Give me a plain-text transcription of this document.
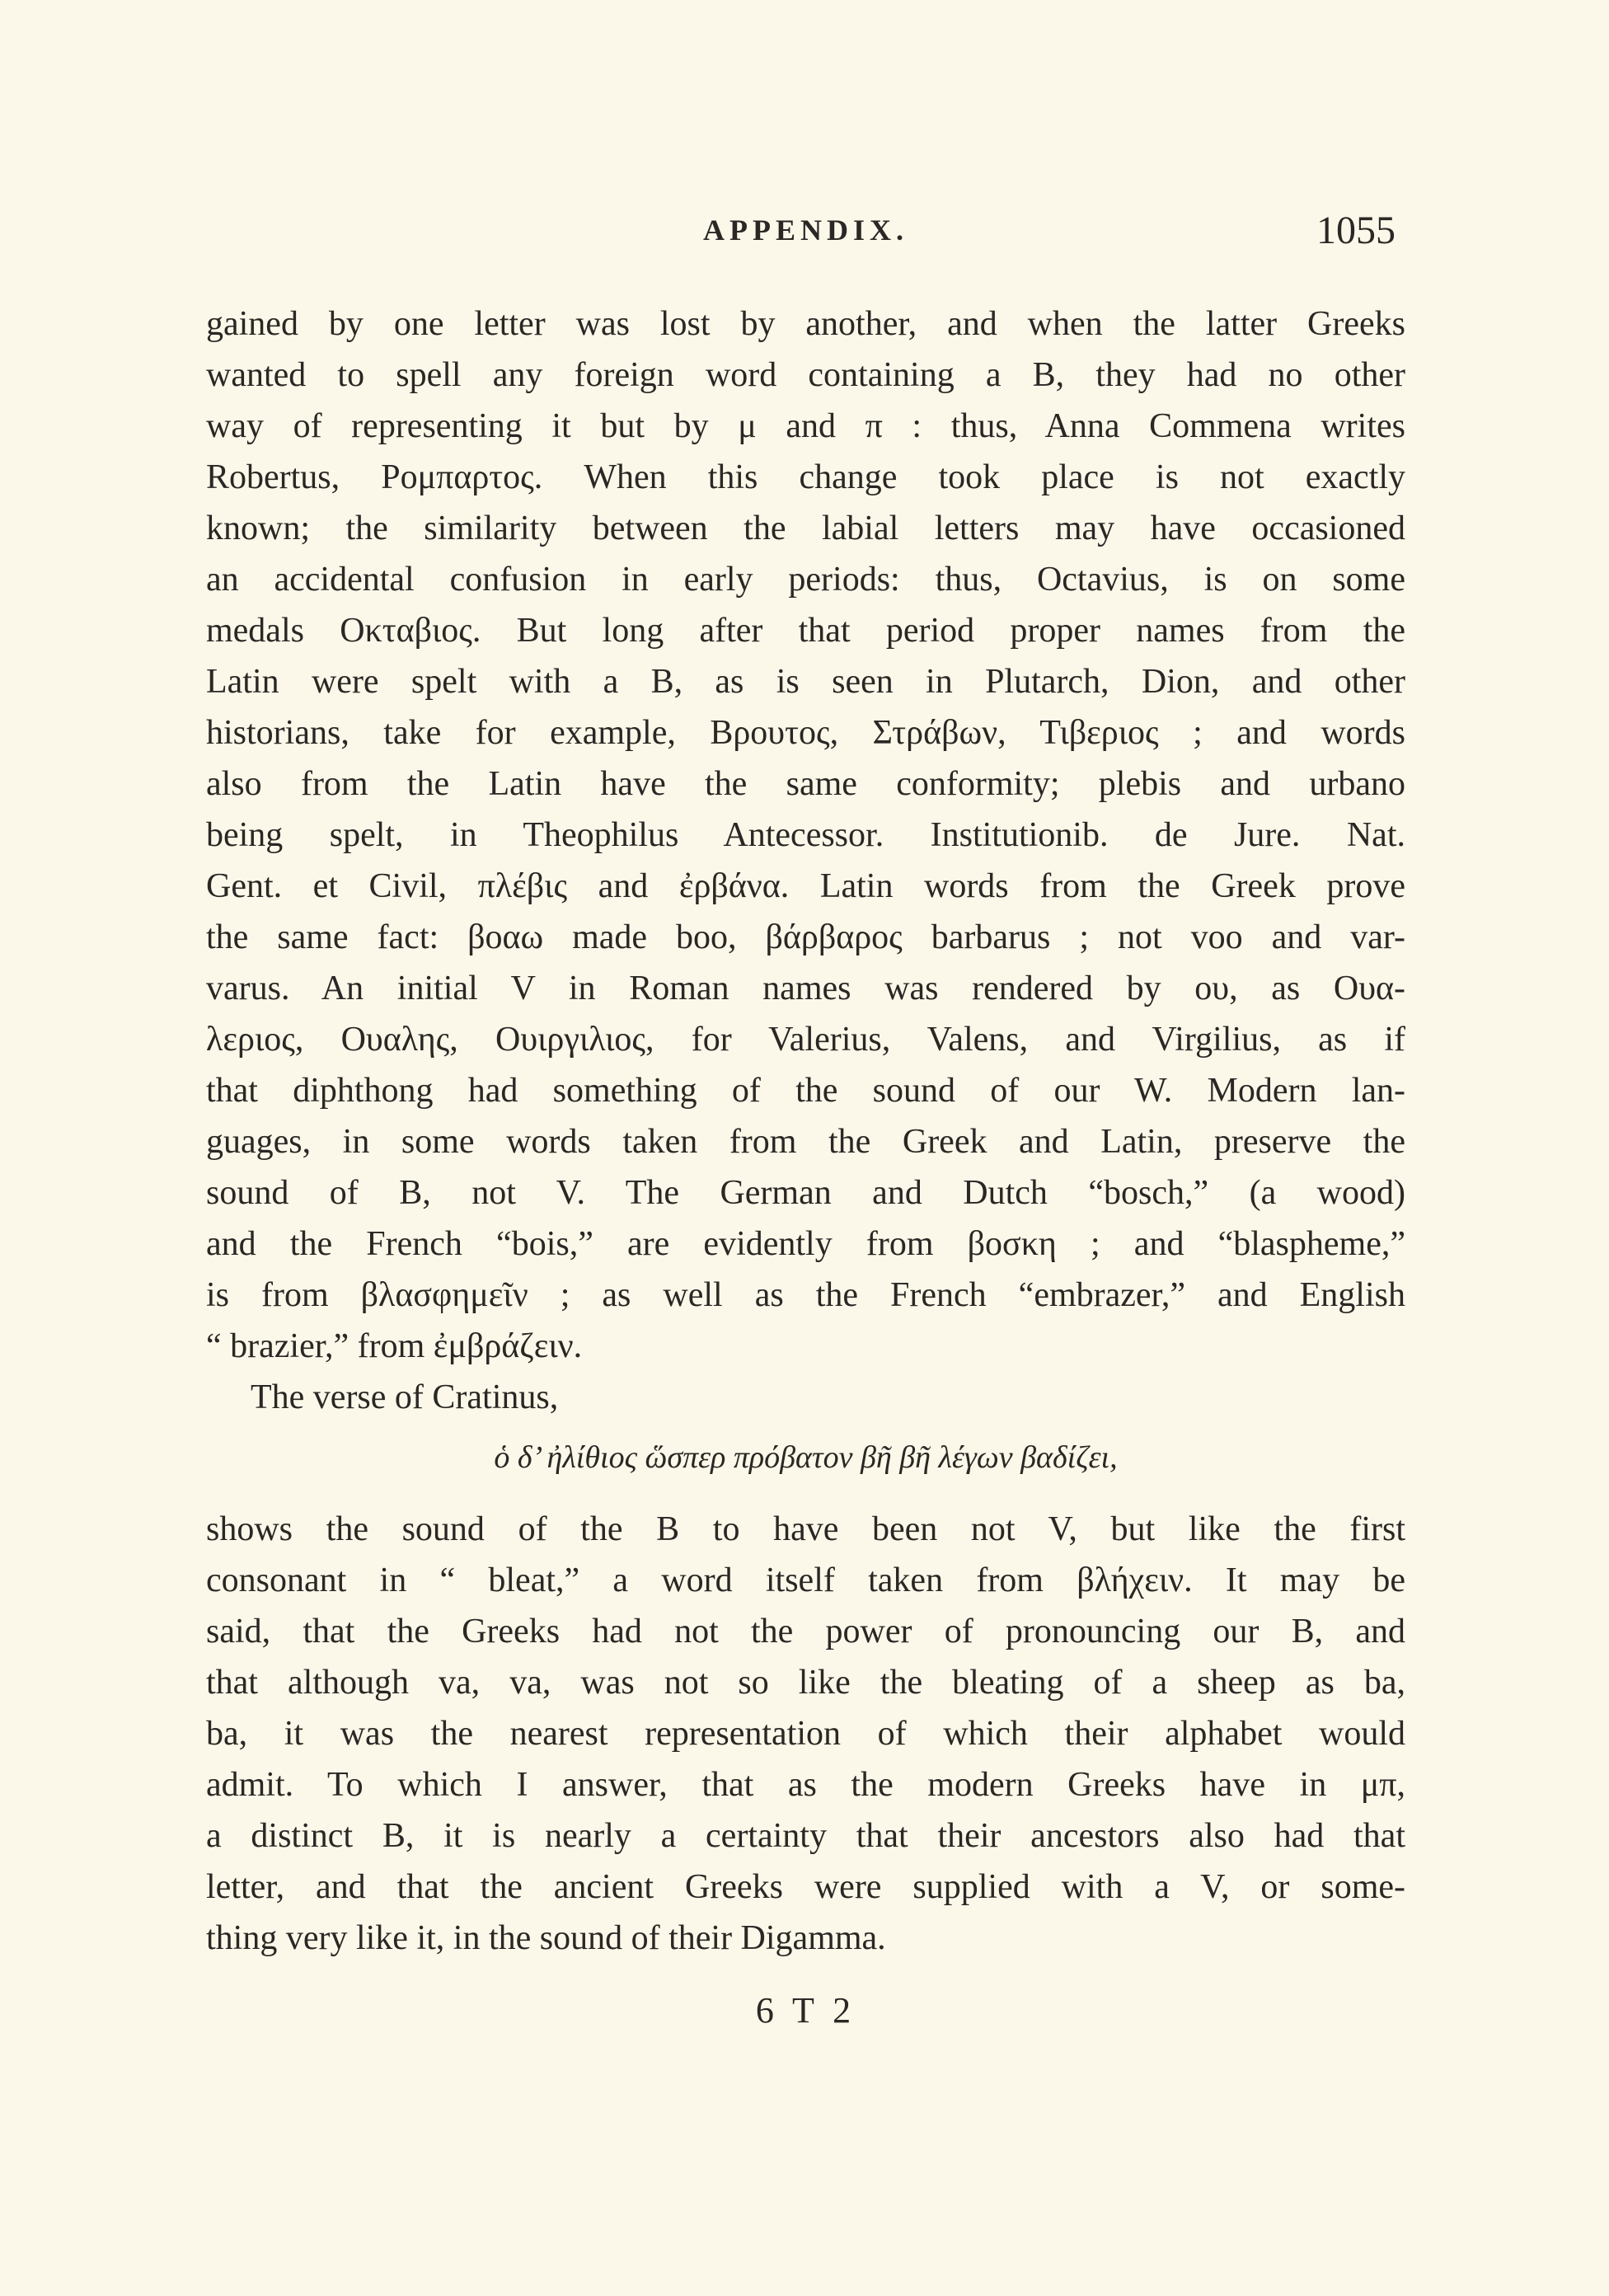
APPENDIX.	1055
gained by one letter was lost by another, and when the latter Greeks
wanted to spell any foreign word containing a B, they had no other
way of representing it but by μ and π : thus, Anna Commena writes
Robertus, Ρομπαρτος. When this change took place is not exactly
known; the similarity between the labial letters may have occasioned
an accidental confusion in early periods: thus, Octavius, is on some
medals Οκταβιος. But long after that period proper names from the
Latin were spelt with a B, as is seen in Plutarch, Dion, and other
historians, take for example, Βρουτος, Στράβων, Τιβεριος ; and words
also from the Latin have the same conformity; plebis and urbano
being spelt, in Theophilus Antecessor. Institutionib. de Jure. Nat.
Gent. et Civil, πλέβις and ἐρβάνα. Latin words from the Greek prove
the same fact: βοαω made boo, βάρβαρος barbarus ; not voo and var-
varus. An initial V in Roman names was rendered by ου, as Ουα-
λεριος, Ουαλης, Ουιργιλιος, for Valerius, Valens, and Virgilius, as if
that diphthong had something of the sound of our W. Modern lan-
guages, in some words taken from the Greek and Latin, preserve the
sound of B, not V. The German and Dutch “bosch,” (a wood)
and the French “bois,” are evidently from βοσκη ; and “blaspheme,”
is from βλασφημεῖν ; as well as the French “embrazer,” and English
“ brazier,” from ἐμβράζειν.
The verse of Cratinus,
ὁ δ’ ἠλίθιος ὥσπερ πρόβατον βῆ βῆ λέγων βαδίζει,
shows the sound of the B to have been not V, but like the first
consonant in “ bleat,” a word itself taken from βλήχειν. It may be
said, that the Greeks had not the power of pronouncing our B, and
that although va, va, was not so like the bleating of a sheep as ba,
ba, it was the nearest representation of which their alphabet would
admit. To which I answer, that as the modern Greeks have in μπ,
a distinct B, it is nearly a certainty that their ancestors also had that
letter, and that the ancient Greeks were supplied with a V, or some-
thing very like it, in the sound of their Digamma.
6 T 2
